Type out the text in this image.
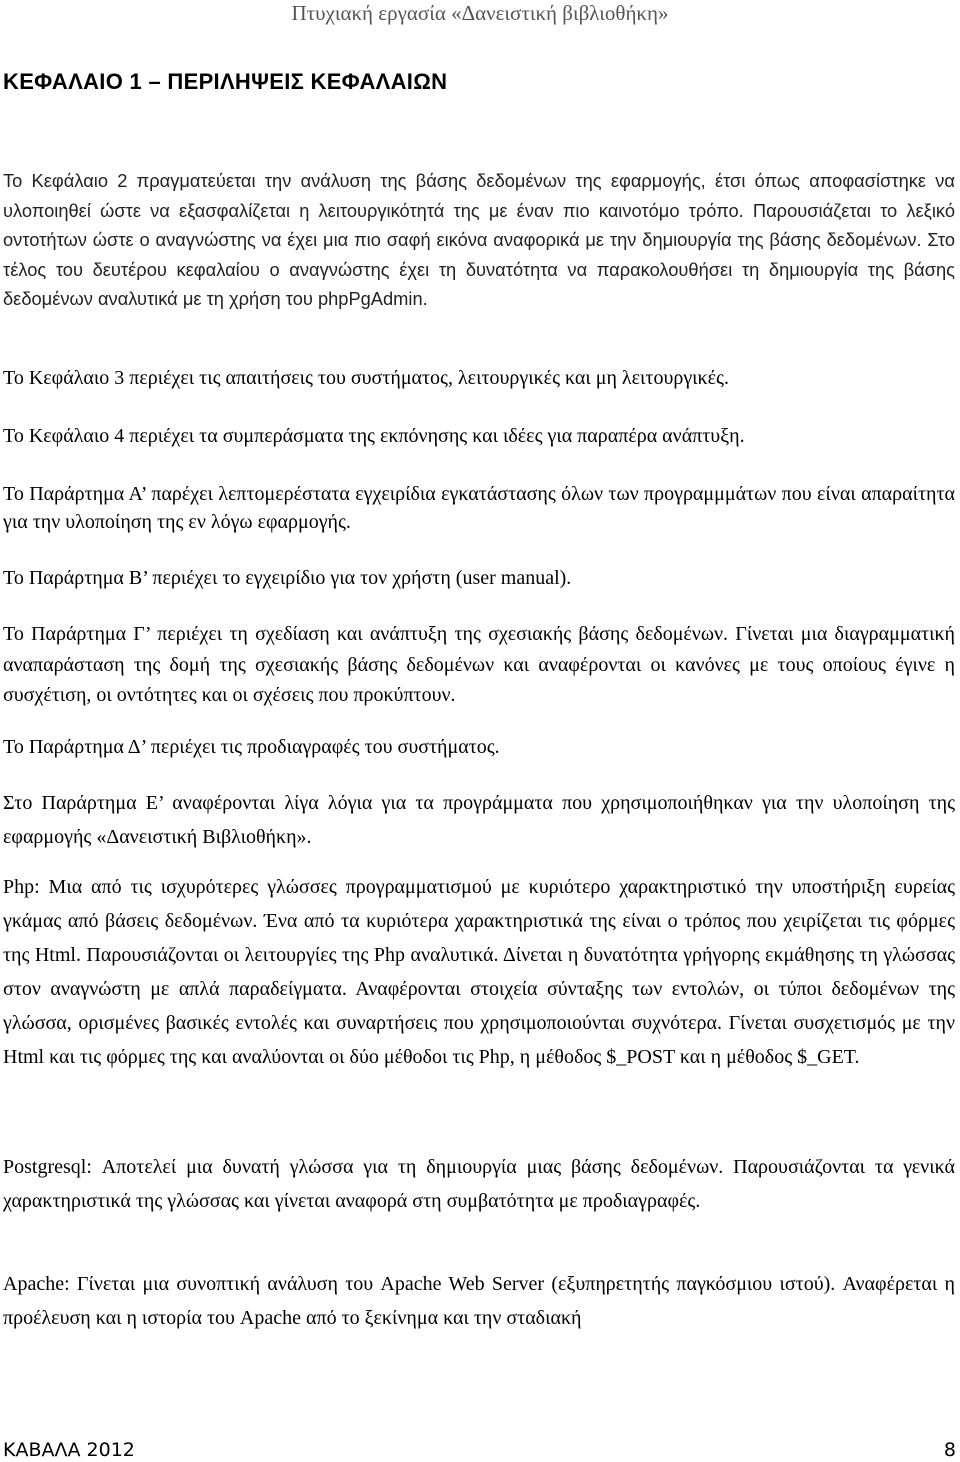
Πτυχιακή εργασία «Δανειστική βιβλιοθήκη»
ΚΕΦΑΛΑΙΟ 1 – ΠΕΡΙΛΗΨΕΙΣ ΚΕΦΑΛΑΙΩΝ

Το Κεφάλαιο 2 πραγματεύεται την ανάλυση της βάσης δεδομένων της εφαρμογής, έτσι όπως αποφασίστηκε να υλοποιηθεί ώστε να εξασφαλίζεται η λειτουργικότητά της με έναν πιο καινοτόμο τρόπο. Παρουσιάζεται το λεξικό οντοτήτων ώστε ο αναγνώστης να έχει μια πιο σαφή εικόνα αναφορικά με την δημιουργία της βάσης δεδομένων. Στο τέλος του δευτέρου κεφαλαίου ο αναγνώστης έχει τη δυνατότητα να παρακολουθήσει τη δημιουργία της βάσης δεδομένων αναλυτικά με τη χρήση του phpPgAdmin.

Το Κεφάλαιο 3 περιέχει τις απαιτήσεις του συστήματος, λειτουργικές και μη λειτουργικές.

Το Κεφάλαιο 4 περιέχει τα συμπεράσματα της εκπόνησης και ιδέες για παραπέρα ανάπτυξη.

Το Παράρτημα Α’ παρέχει λεπτομερέστατα εγχειρίδια εγκατάστασης όλων των προγραμμμάτων που είναι απαραίτητα για την υλοποίηση της εν λόγω εφαρμογής.

Το Παράρτημα Β’ περιέχει το εγχειρίδιο για τον χρήστη (user manual).

Το Παράρτημα Γ’ περιέχει τη σχεδίαση και ανάπτυξη της σχεσιακής βάσης δεδομένων. Γίνεται μια διαγραμματική αναπαράσταση της δομή της σχεσιακής βάσης δεδομένων και αναφέρονται οι κανόνες με τους οποίους έγινε η συσχέτιση, οι οντότητες και οι σχέσεις που προκύπτουν.

Το Παράρτημα Δ’ περιέχει τις προδιαγραφές του συστήματος.

Στο Παράρτημα Ε’ αναφέρονται λίγα λόγια για τα προγράμματα που χρησιμοποιήθηκαν για την υλοποίηση της εφαρμογής «Δανειστική Βιβλιοθήκη».

Php: Μια από τις ισχυρότερες γλώσσες προγραμματισμού με κυριότερο χαρακτηριστικό την υποστήριξη ευρείας γκάμας από βάσεις δεδομένων. Ένα από τα κυριότερα χαρακτηριστικά της είναι ο τρόπος που χειρίζεται τις φόρμες της Html. Παρουσιάζονται οι λειτουργίες της Php αναλυτικά. Δίνεται η δυνατότητα γρήγορης εκμάθησης τη γλώσσας στον αναγνώστη με απλά παραδείγματα. Αναφέρονται στοιχεία σύνταξης των εντολών, οι τύποι δεδομένων της γλώσσα, ορισμένες βασικές εντολές και συναρτήσεις που χρησιμοποιούνται συχνότερα. Γίνεται συσχετισμός με την Html και τις φόρμες της και αναλύονται οι δύο μέθοδοι τις Php, η μέθοδος $_POST και η μέθοδος $_GET.

Postgresql: Αποτελεί μια δυνατή γλώσσα για τη δημιουργία μιας βάσης δεδομένων. Παρουσιάζονται τα γενικά χαρακτηριστικά της γλώσσας και γίνεται αναφορά στη συμβατότητα με προδιαγραφές.

Apache: Γίνεται μια συνοπτική ανάλυση του Apache Web Server (εξυπηρετητής παγκόσμιου ιστού). Αναφέρεται η προέλευση και η ιστορία του Apache από το ξεκίνημα και την σταδιακή

ΚΑΒΑΛΑ 2012	8
